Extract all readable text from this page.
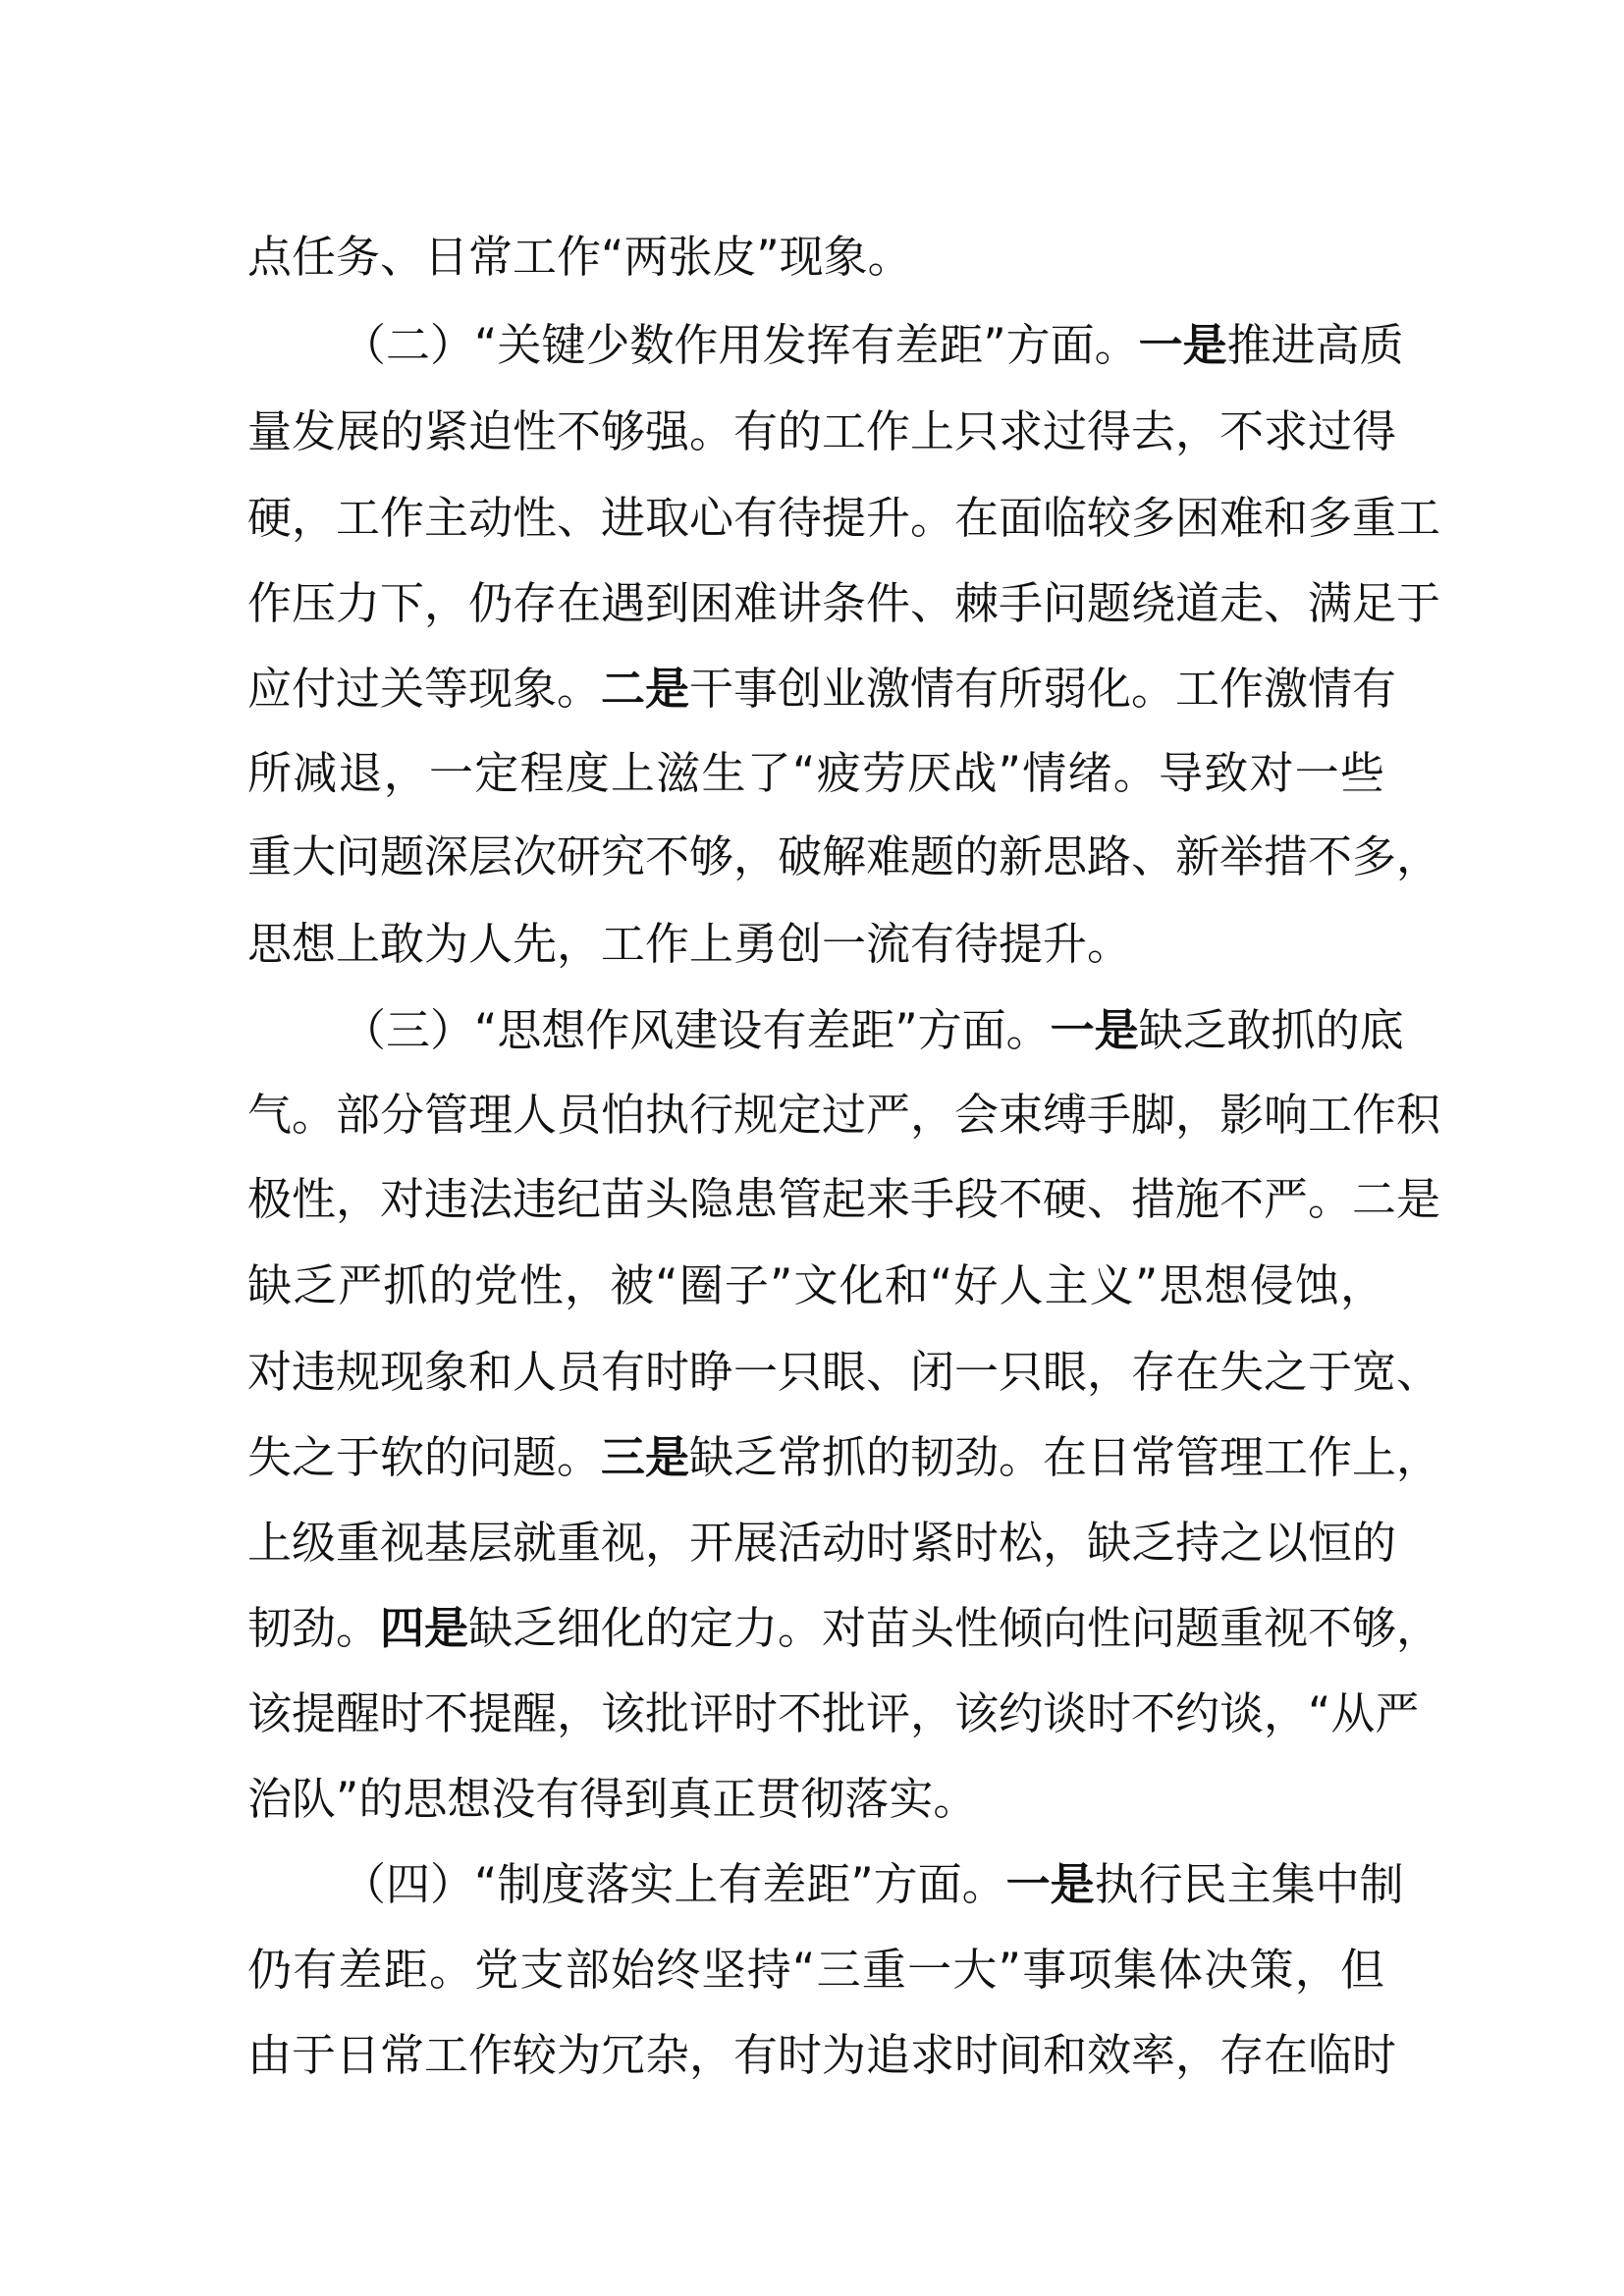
点任务、日常工作“两张皮”现象。
（二）“关键少数作用发挥有差距”方面。一是推进高质
量发展的紧迫性不够强。有的工作上只求过得去，不求过得
硬，工作主动性、进取心有待提升。在面临较多困难和多重工
作压力下，仍存在遇到困难讲条件、棘手问题绕道走、满足于
应付过关等现象。二是干事创业激情有所弱化。工作激情有
所减退，一定程度上滋生了“疲劳厌战”情绪。导致对一些
重大问题深层次研究不够，破解难题的新思路、新举措不多，
思想上敢为人先，工作上勇创一流有待提升。
（三）“思想作风建设有差距”方面。一是缺乏敢抓的底
气。部分管理人员怕执行规定过严，会束缚手脚，影响工作积
极性，对违法违纪苗头隐患管起来手段不硬、措施不严。二是
缺乏严抓的党性，被“圈子”文化和“好人主义”思想侵蚀，
对违规现象和人员有时睁一只眼、闭一只眼，存在失之于宽、
失之于软的问题。三是缺乏常抓的韧劲。在日常管理工作上，
上级重视基层就重视，开展活动时紧时松，缺乏持之以恒的
韧劲。四是缺乏细化的定力。对苗头性倾向性问题重视不够，
该提醒时不提醒，该批评时不批评，该约谈时不约谈，“从严
治队”的思想没有得到真正贯彻落实。
（四）“制度落实上有差距”方面。一是执行民主集中制
仍有差距。党支部始终坚持“三重一大”事项集体决策，但
由于日常工作较为冗杂，有时为追求时间和效率，存在临时
